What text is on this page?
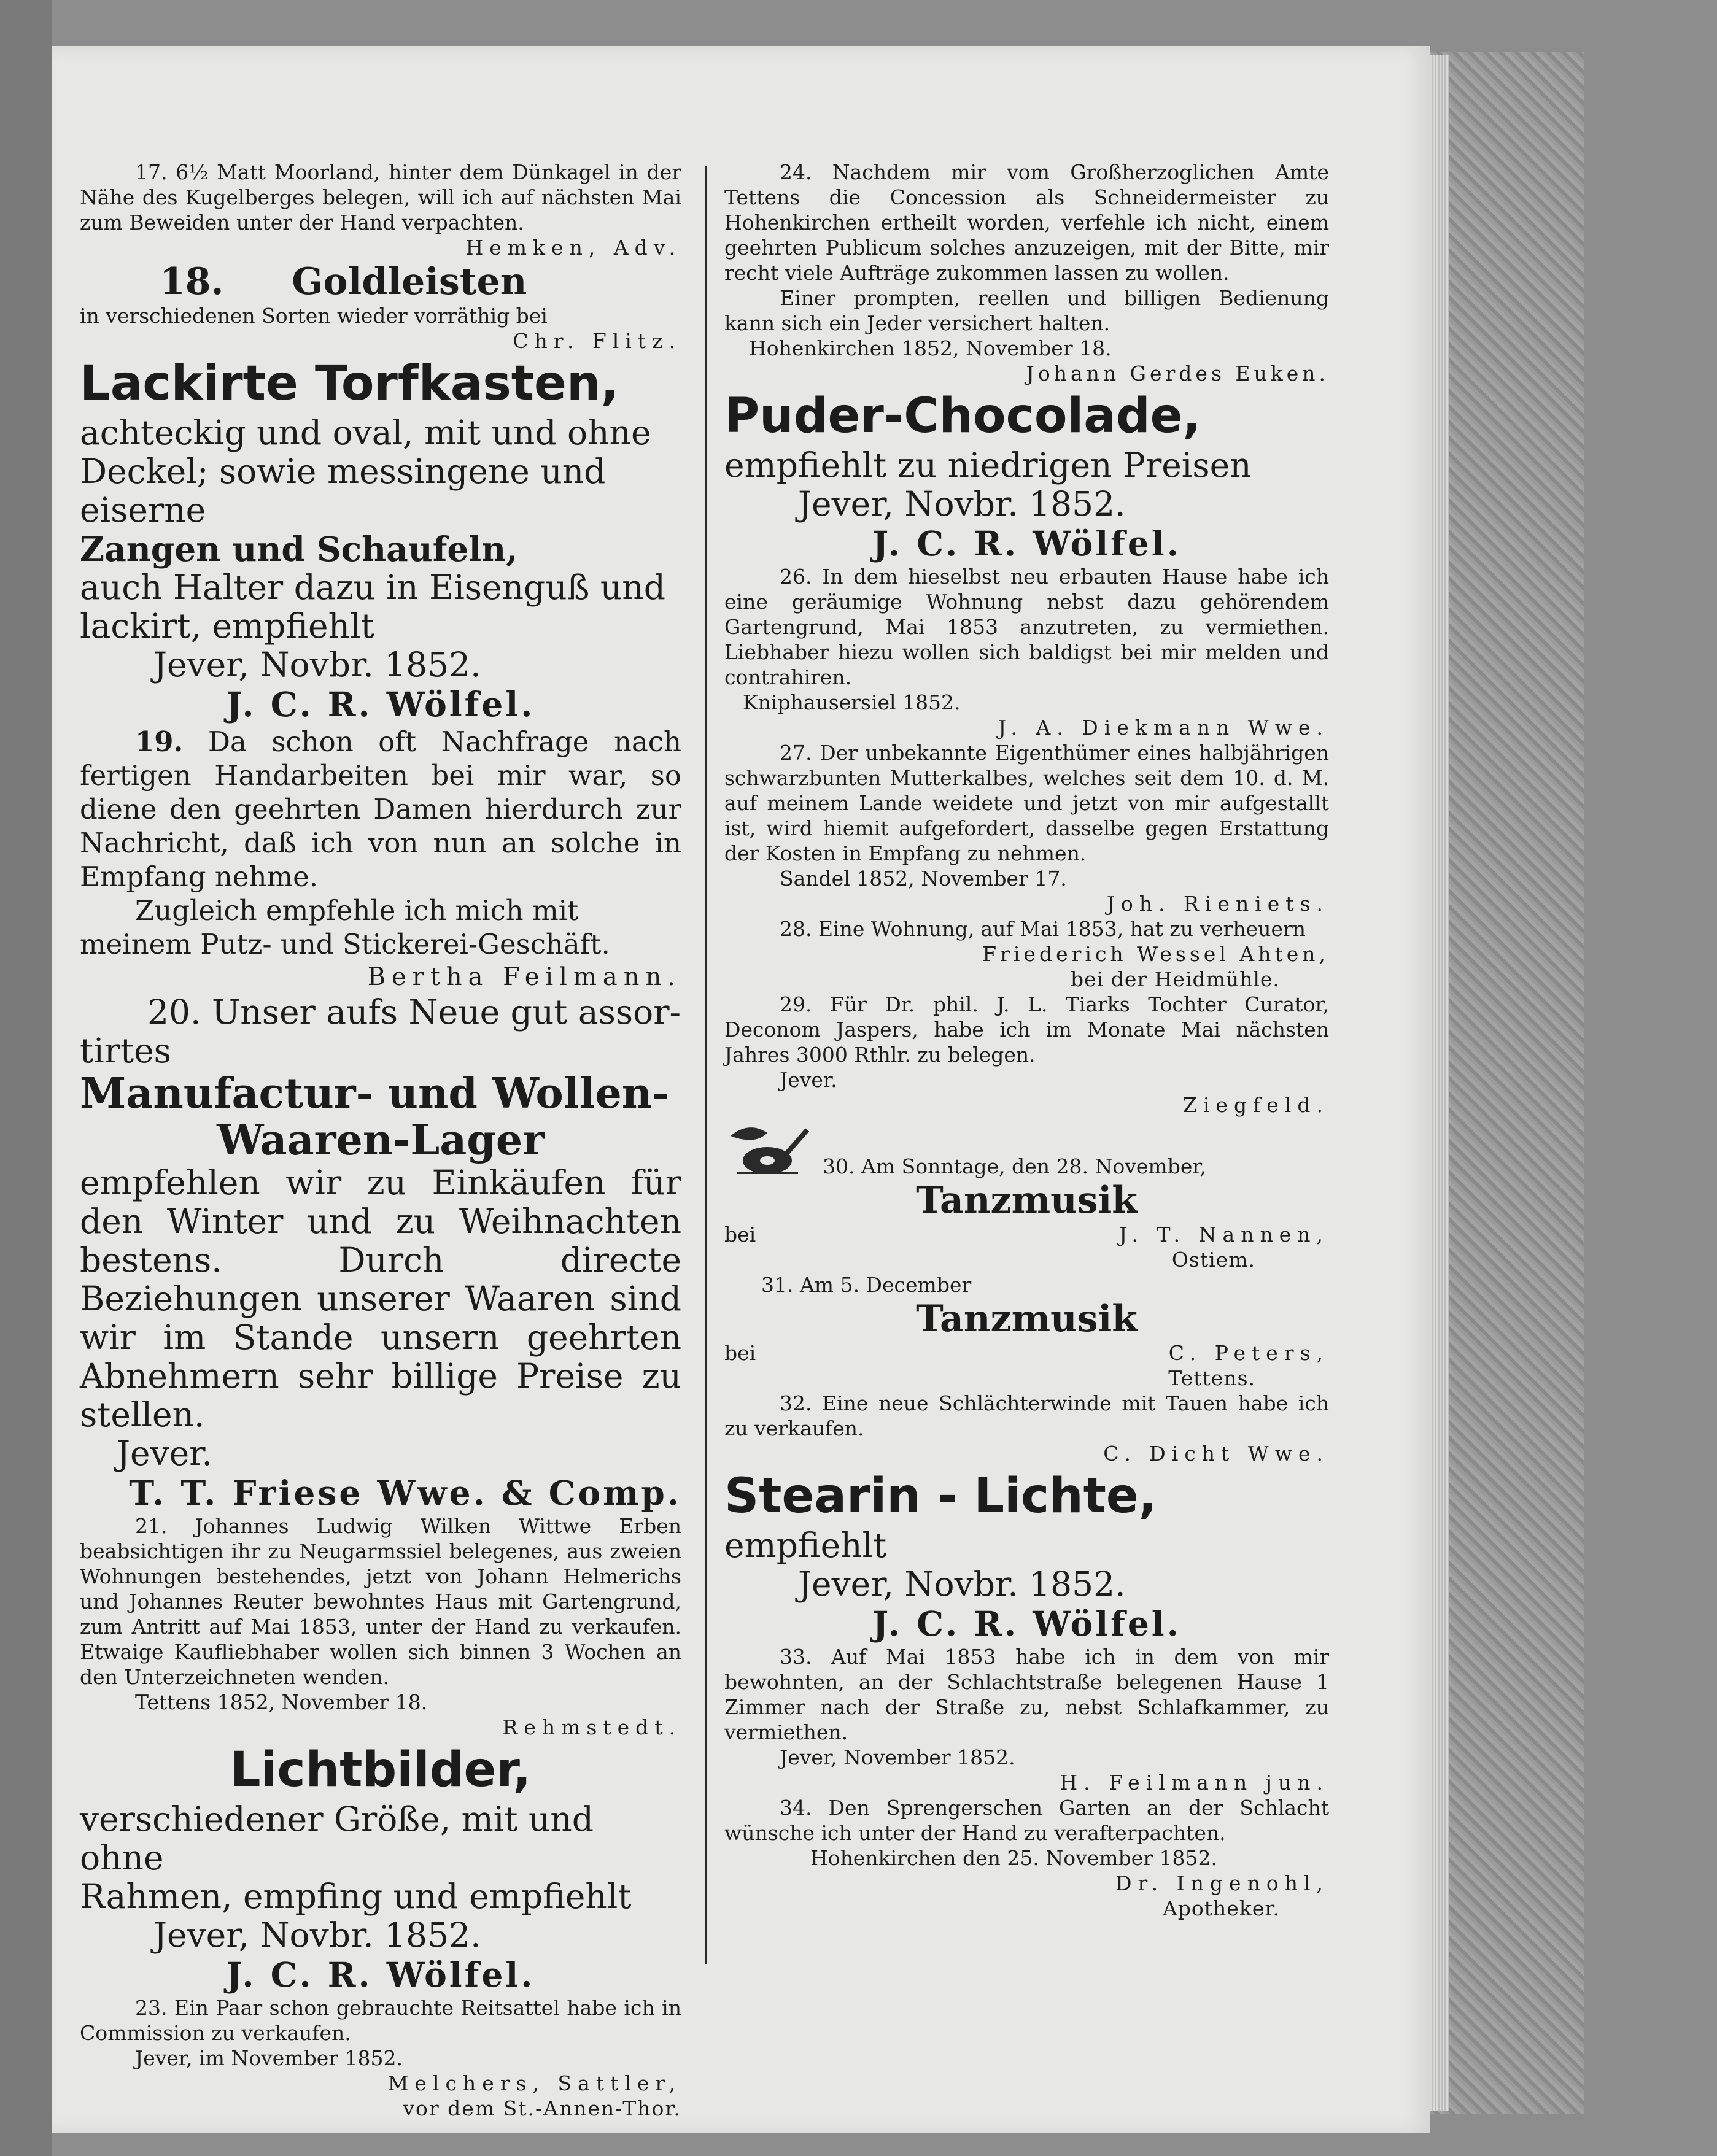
17. 6½ Matt Moorland, hinter dem Dünkagel in der Nähe des Kugelberges belegen, will ich auf nächsten Mai zum Beweiden unter der Hand verpachten.

Hemken, Adv.

18. Goldleisten

in verschiedenen Sorten wieder vorräthig bei

Chr. Flitz.

Lackirte Torfkasten,

achteckig und oval, mit und ohne

Deckel; sowie messingene und eiserne

Zangen und Schaufeln,

auch Halter dazu in Eisenguß und

lackirt, empfiehlt

Jever, Novbr. 1852.

J. C. R. Wölfel.

19. Da schon oft Nachfrage nach fertigen Handarbeiten bei mir war, so diene den geehrten Damen hierdurch zur Nachricht, daß ich von nun an solche in Empfang nehme.

Zugleich empfehle ich mich mit meinem Putz- und Stickerei-Geschäft.

Bertha Feilmann.

20. Unser aufs Neue gut assor-

tirtes

Manufactur- und Wollen-

Waaren-Lager

empfehlen wir zu Einkäufen für den Winter und zu Weihnachten bestens. Durch directe Beziehungen unserer Waaren sind wir im Stande unsern geehrten Abnehmern sehr billige Preise zu stellen.

Jever.

T. T. Friese Wwe. & Comp.

21. Johannes Ludwig Wilken Wittwe Erben beabsichtigen ihr zu Neugarmssiel belegenes, aus zweien Wohnungen bestehendes, jetzt von Johann Helmerichs und Johannes Reuter bewohntes Haus mit Gartengrund, zum Antritt auf Mai 1853, unter der Hand zu verkaufen. Etwaige Kaufliebhaber wollen sich binnen 3 Wochen an den Unterzeichneten wenden.

Tettens 1852, November 18.

Rehmstedt.

Lichtbilder,

verschiedener Größe, mit und ohne

Rahmen, empfing und empfiehlt

Jever, Novbr. 1852.

J. C. R. Wölfel.

23. Ein Paar schon gebrauchte Reitsattel habe ich in Commission zu verkaufen.

Jever, im November 1852.

Melchers, Sattler,

vor dem St.-Annen-Thor.

24. Nachdem mir vom Großherzoglichen Amte Tettens die Concession als Schneidermeister zu Hohenkirchen ertheilt worden, verfehle ich nicht, einem geehrten Publicum solches anzuzeigen, mit der Bitte, mir recht viele Aufträge zukommen lassen zu wollen.

Einer prompten, reellen und billigen Bedienung kann sich ein Jeder versichert halten.

Hohenkirchen 1852, November 18.

Johann Gerdes Euken.

Puder-Chocolade,

empfiehlt zu niedrigen Preisen

Jever, Novbr. 1852.

J. C. R. Wölfel.

26. In dem hieselbst neu erbauten Hause habe ich eine geräumige Wohnung nebst dazu gehörendem Gartengrund, Mai 1853 anzutreten, zu vermiethen. Liebhaber hiezu wollen sich baldigst bei mir melden und contrahiren.

Kniphausersiel 1852.

J. A. Diekmann Wwe.

27. Der unbekannte Eigenthümer eines halbjährigen schwarzbunten Mutterkalbes, welches seit dem 10. d. M. auf meinem Lande weidete und jetzt von mir aufgestallt ist, wird hiemit aufgefordert, dasselbe gegen Erstattung der Kosten in Empfang zu nehmen.

Sandel 1852, November 17.

Joh. Rieniets.

28. Eine Wohnung, auf Mai 1853, hat zu verheuern

Friederich Wessel Ahten,

bei der Heidmühle.

29. Für Dr. phil. J. L. Tiarks Tochter Curator, Deconom Jaspers, habe ich im Monate Mai nächsten Jahres 3000 Rthlr. zu belegen.

Jever.

Ziegfeld.

30. Am Sonntage, den 28. November,

Tanzmusik

bei	J. T. Nannen,

Ostiem.

31. Am 5. December

Tanzmusik

bei	C. Peters,

Tettens.

32. Eine neue Schlächterwinde mit Tauen habe ich zu verkaufen.

C. Dicht Wwe.

Stearin - Lichte,

empfiehlt

Jever, Novbr. 1852.

J. C. R. Wölfel.

33. Auf Mai 1853 habe ich in dem von mir bewohnten, an der Schlachtstraße belegenen Hause 1 Zimmer nach der Straße zu, nebst Schlafkammer, zu vermiethen.

Jever, November 1852.

H. Feilmann jun.

34. Den Sprengerschen Garten an der Schlacht wünsche ich unter der Hand zu verafterpachten.

Hohenkirchen den 25. November 1852.

Dr. Ingenohl,

Apotheker.
